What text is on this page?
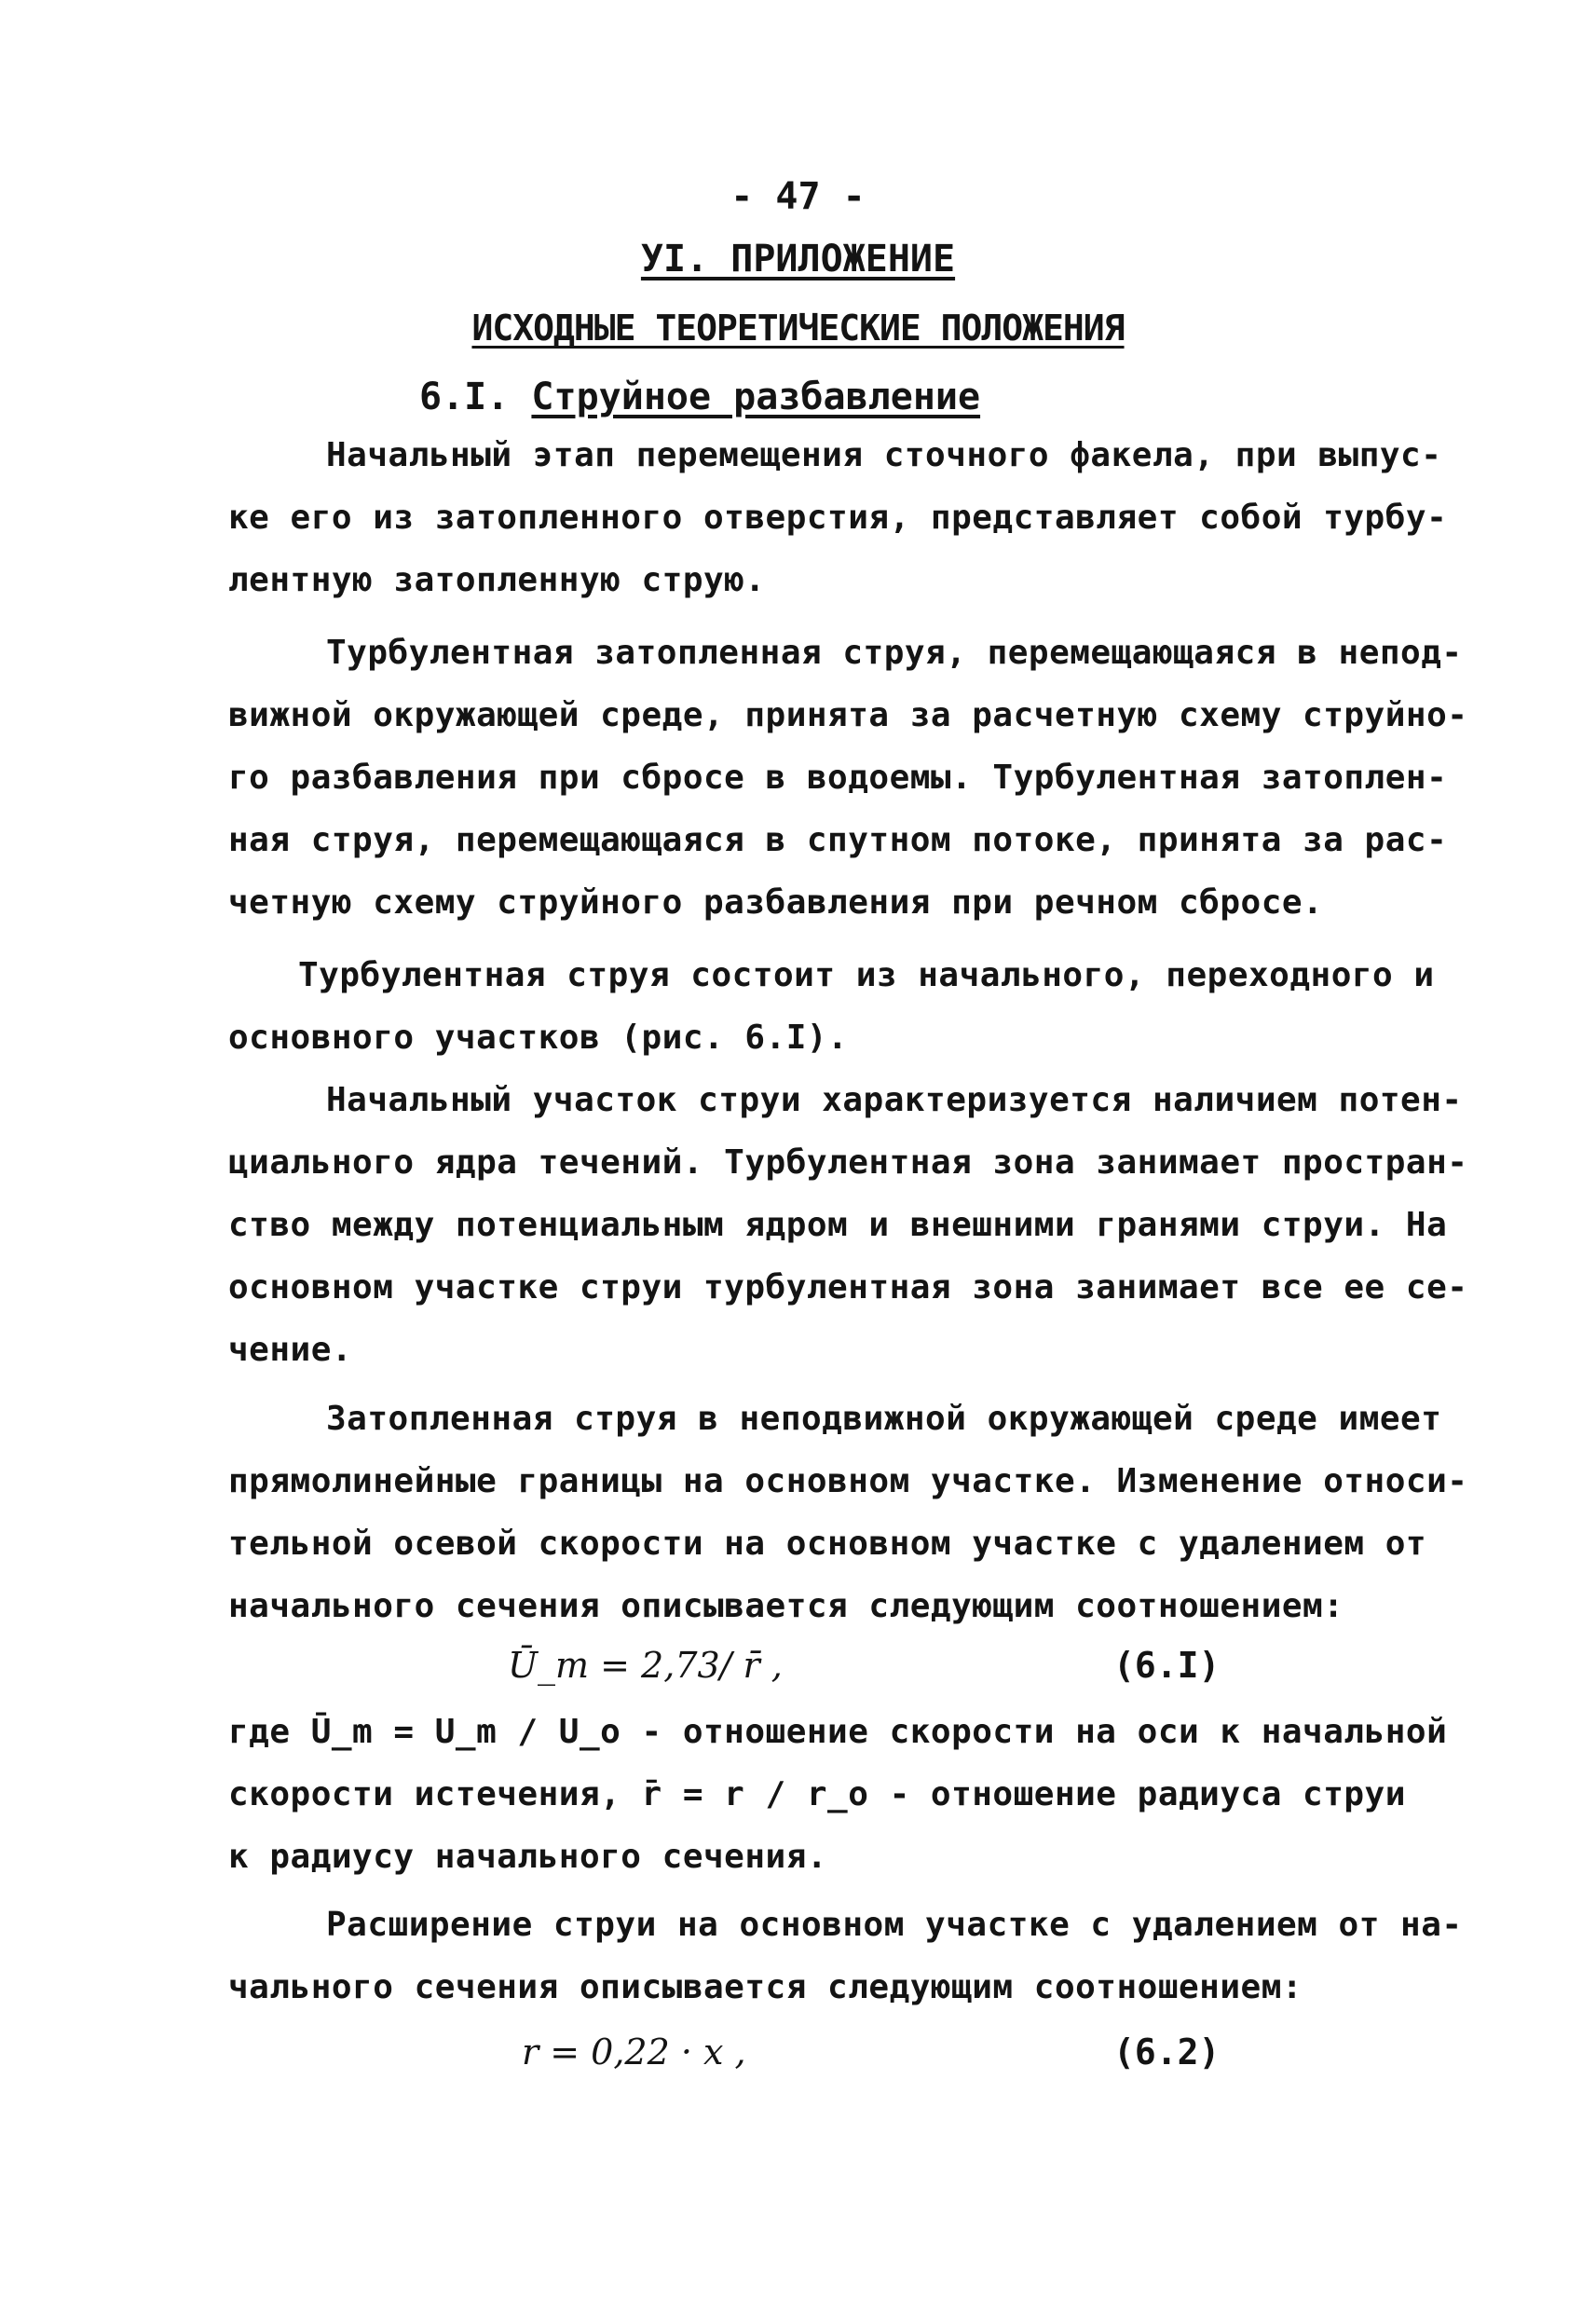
- 47 -
УI. ПРИЛОЖЕНИЕ
ИСХОДНЫЕ ТЕОРЕТИЧЕСКИЕ ПОЛОЖЕНИЯ
6.I. Струйное разбавление
Начальный этап перемещения сточного факела, при выпус-
ке его из затопленного отверстия, представляет собой турбу-
лентную затопленную струю.
Турбулентная затопленная струя, перемещающаяся в непод-
вижной окружающей среде, принята за расчетную схему струйно-
го разбавления при сбросе в водоемы. Турбулентная затоплен-
ная струя, перемещающаяся в спутном потоке, принята за рас-
четную схему струйного разбавления при речном сбросе.
Турбулентная струя состоит из начального, переходного и
основного участков (рис. 6.I).
Начальный участок струи характеризуется наличием потен-
циального ядра течений. Турбулентная зона занимает простран-
ство между потенциальным ядром и внешними гранями струи. На
основном участке струи турбулентная зона занимает все ее се-
чение.
Затопленная струя в неподвижной окружающей среде имеет
прямолинейные границы на основном участке. Изменение относи-
тельной осевой скорости на основном участке с удалением от
начального сечения описывается следующим соотношением:
Ū_m = 2,73/ r̄ ,	(6.I)
где Ū_m = U_m / U_o - отношение скорости на оси к начальной
скорости истечения, r̄ = r / r_o - отношение радиуса струи
к радиусу начального сечения.
Расширение струи на основном участке с удалением от на-
чального сечения описывается следующим соотношением:
r = 0,22 · x ,	(6.2)
